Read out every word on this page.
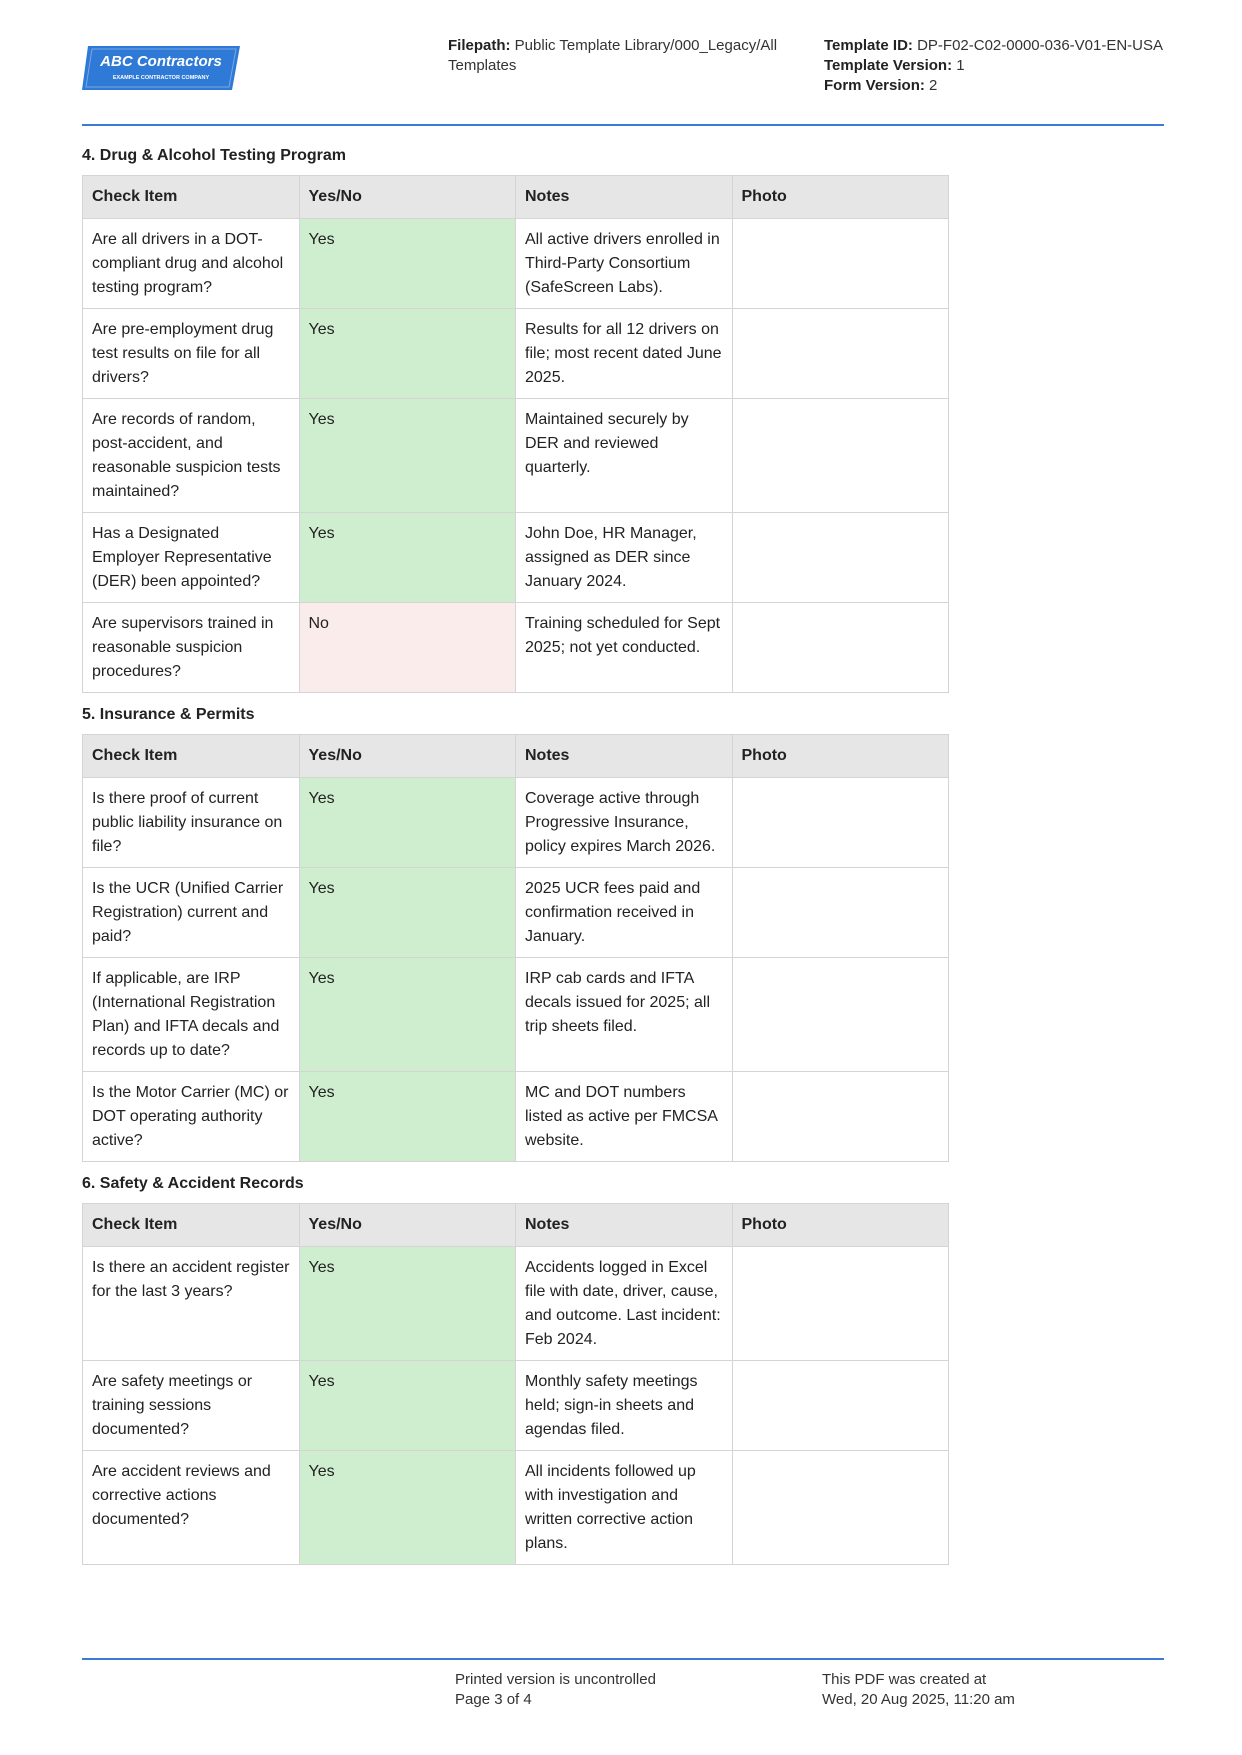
ABC Contractors
EXAMPLE CONTRACTOR COMPANY

Filepath: Public Template Library/000_Legacy/All

Templates

Template ID: DP-F02-C02-0000-036-V01-EN-USA

Template Version: 1

Form Version: 2

4. Drug & Alcohol Testing Program
Check Item	Yes/No	Notes	Photo
Are all drivers in a DOT-compliant drug and alcohol testing program?	Yes	All active drivers enrolled in Third-Party Consortium (SafeScreen Labs).	
Are pre-employment drug test results on file for all drivers?	Yes	Results for all 12 drivers on file; most recent dated June 2025.	
Are records of random, post-accident, and reasonable suspicion tests maintained?	Yes	Maintained securely by DER and reviewed quarterly.	
Has a Designated Employer Representative (DER) been appointed?	Yes	John Doe, HR Manager, assigned as DER since January 2024.	
Are supervisors trained in reasonable suspicion procedures?	No	Training scheduled for Sept 2025; not yet conducted.	
5. Insurance & Permits
Check Item	Yes/No	Notes	Photo
Is there proof of current public liability insurance on file?	Yes	Coverage active through Progressive Insurance, policy expires March 2026.	
Is the UCR (Unified Carrier Registration) current and paid?	Yes	2025 UCR fees paid and confirmation received in January.	
If applicable, are IRP (International Registration Plan) and IFTA decals and records up to date?	Yes	IRP cab cards and IFTA decals issued for 2025; all trip sheets filed.	
Is the Motor Carrier (MC) or DOT operating authority active?	Yes	MC and DOT numbers listed as active per FMCSA website.	
6. Safety & Accident Records
Check Item	Yes/No	Notes	Photo
Is there an accident register for the last 3 years?	Yes	Accidents logged in Excel file with date, driver, cause, and outcome. Last incident: Feb 2024.	
Are safety meetings or training sessions documented?	Yes	Monthly safety meetings held; sign-in sheets and agendas filed.	
Are accident reviews and corrective actions documented?	Yes	All incidents followed up with investigation and written corrective action plans.	

Printed version is uncontrolled

Page 3 of 4

This PDF was created at

Wed, 20 Aug 2025, 11:20 am
